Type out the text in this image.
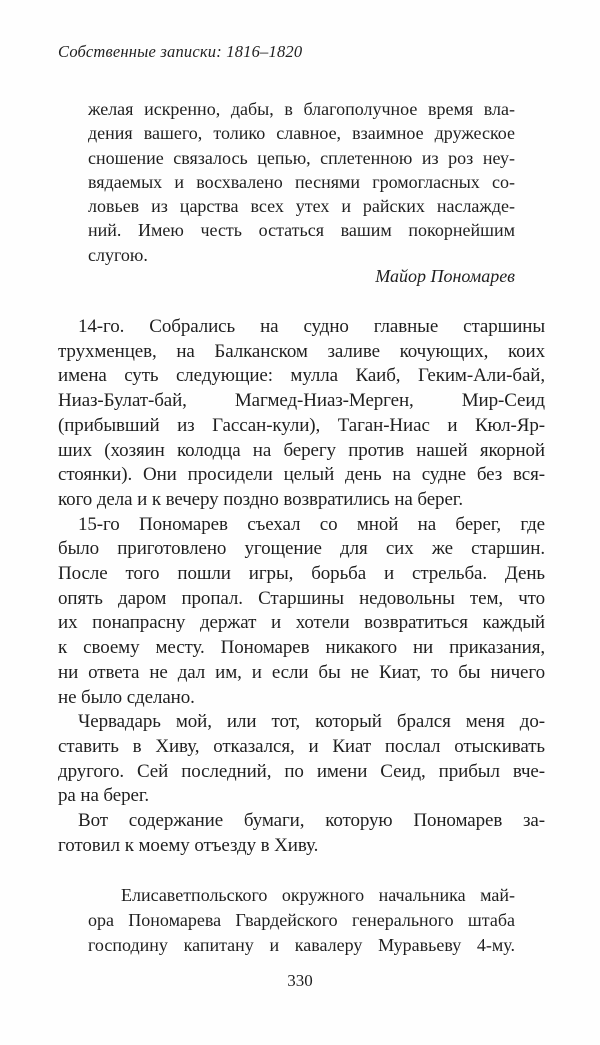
Собственные записки: 1816–1820
желая искренно, дабы, в благополучное время вла-
дения вашего, толико славное, взаимное дружеское
сношение связалось цепью, сплетенною из роз неу-
вядаемых и восхвалено песнями громогласных со-
ловьев из царства всех утех и райских наслажде-
ний. Имею честь остаться вашим покорнейшим
слугою.
Майор Пономарев
14-го. Собрались на судно главные старшины
трухменцев, на Балканском заливе кочующих, коих
имена суть следующие: мулла Каиб, Геким-Али-бай,
Ниаз-Булат-бай, Магмед-Ниаз-Мерген, Мир-Сеид
(прибывший из Гассан-кули), Таган-Ниас и Кюл-Яр-
ших (хозяин колодца на берегу против нашей якорной
стоянки). Они просидели целый день на судне без вся-
кого дела и к вечеру поздно возвратились на берег.
15-го Пономарев съехал со мной на берег, где
было приготовлено угощение для сих же старшин.
После того пошли игры, борьба и стрельба. День
опять даром пропал. Старшины недовольны тем, что
их понапрасну держат и хотели возвратиться каждый
к своему месту. Пономарев никакого ни приказания,
ни ответа не дал им, и если бы не Киат, то бы ничего
не было сделано.
Червадарь мой, или тот, который брался меня до-
ставить в Хиву, отказался, и Киат послал отыскивать
другого. Сей последний, по имени Сеид, прибыл вче-
ра на берег.
Вот содержание бумаги, которую Пономарев за-
готовил к моему отъезду в Хиву.
Елисаветпольского окружного начальника май-
ора Пономарева Гвардейского генерального штаба
господину капитану и кавалеру Муравьеву 4-му.
330
